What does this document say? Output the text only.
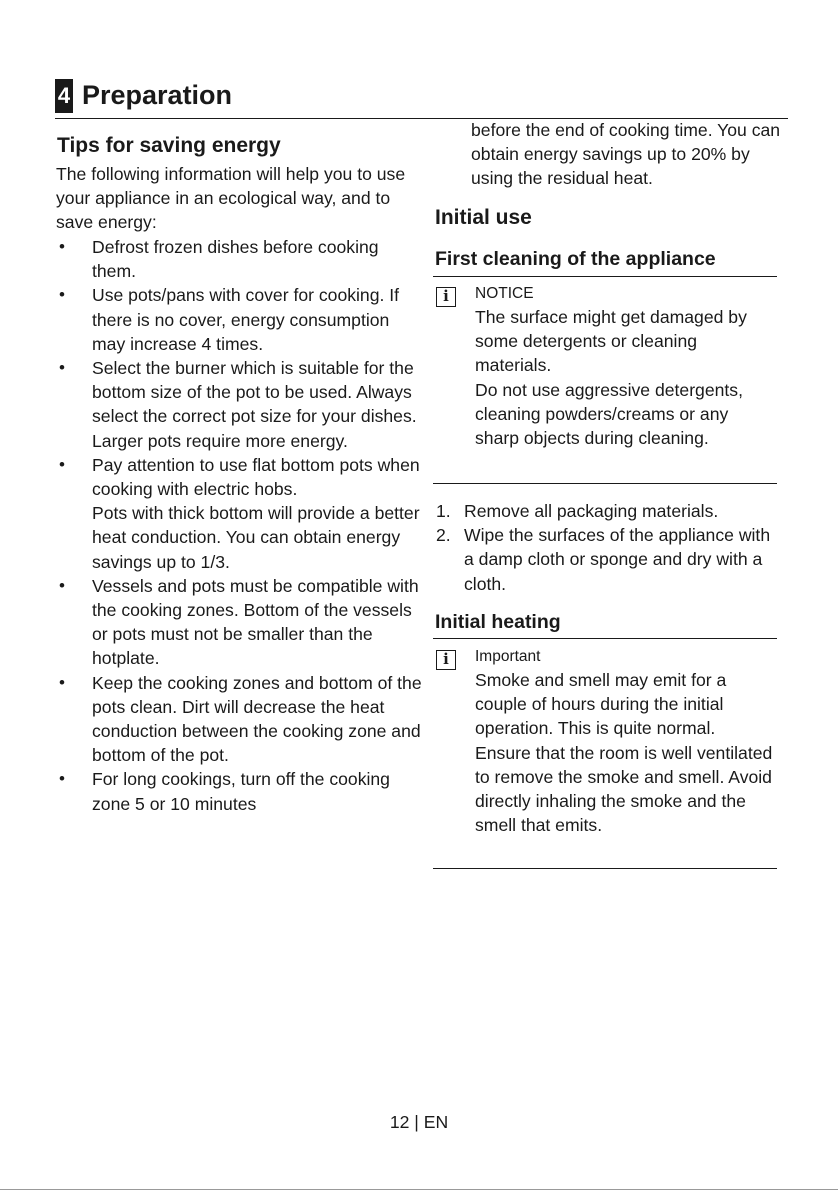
4 Preparation
Tips for saving energy
The following information will help you to use your appliance in an ecological way, and to save energy:
• Defrost frozen dishes before cooking them.
• Use pots/pans with cover for cooking. If there is no cover, energy consumption may increase 4 times.
• Select the burner which is suitable for the bottom size of the pot to be used. Always select the correct pot size for your dishes. Larger pots require more energy.
• Pay attention to use flat bottom pots when cooking with electric hobs.
Pots with thick bottom will provide a better heat conduction. You can obtain energy savings up to 1/3.
• Vessels and pots must be compatible with the cooking zones. Bottom of the vessels or pots must not be smaller than the hotplate.
• Keep the cooking zones and bottom of the pots clean. Dirt will decrease the heat conduction between the cooking zone and bottom of the pot.
• For long cookings, turn off the cooking zone 5 or 10 minutes
before the end of cooking time. You can obtain energy savings up to 20% by using the residual heat.
Initial use
First cleaning of the appliance
i	NOTICE

The surface might get damaged by some detergents or cleaning materials.

Do not use aggressive detergents, cleaning powders/creams or any sharp objects during cleaning.

1. Remove all packaging materials.
2. Wipe the surfaces of the appliance with a damp cloth or sponge and dry with a cloth.
Initial heating
i	Important
Smoke and smell may emit for a couple of hours during the initial operation. This is quite normal. Ensure that the room is well ventilated to remove the smoke and smell. Avoid directly inhaling the smoke and the smell that emits.
12 | EN
